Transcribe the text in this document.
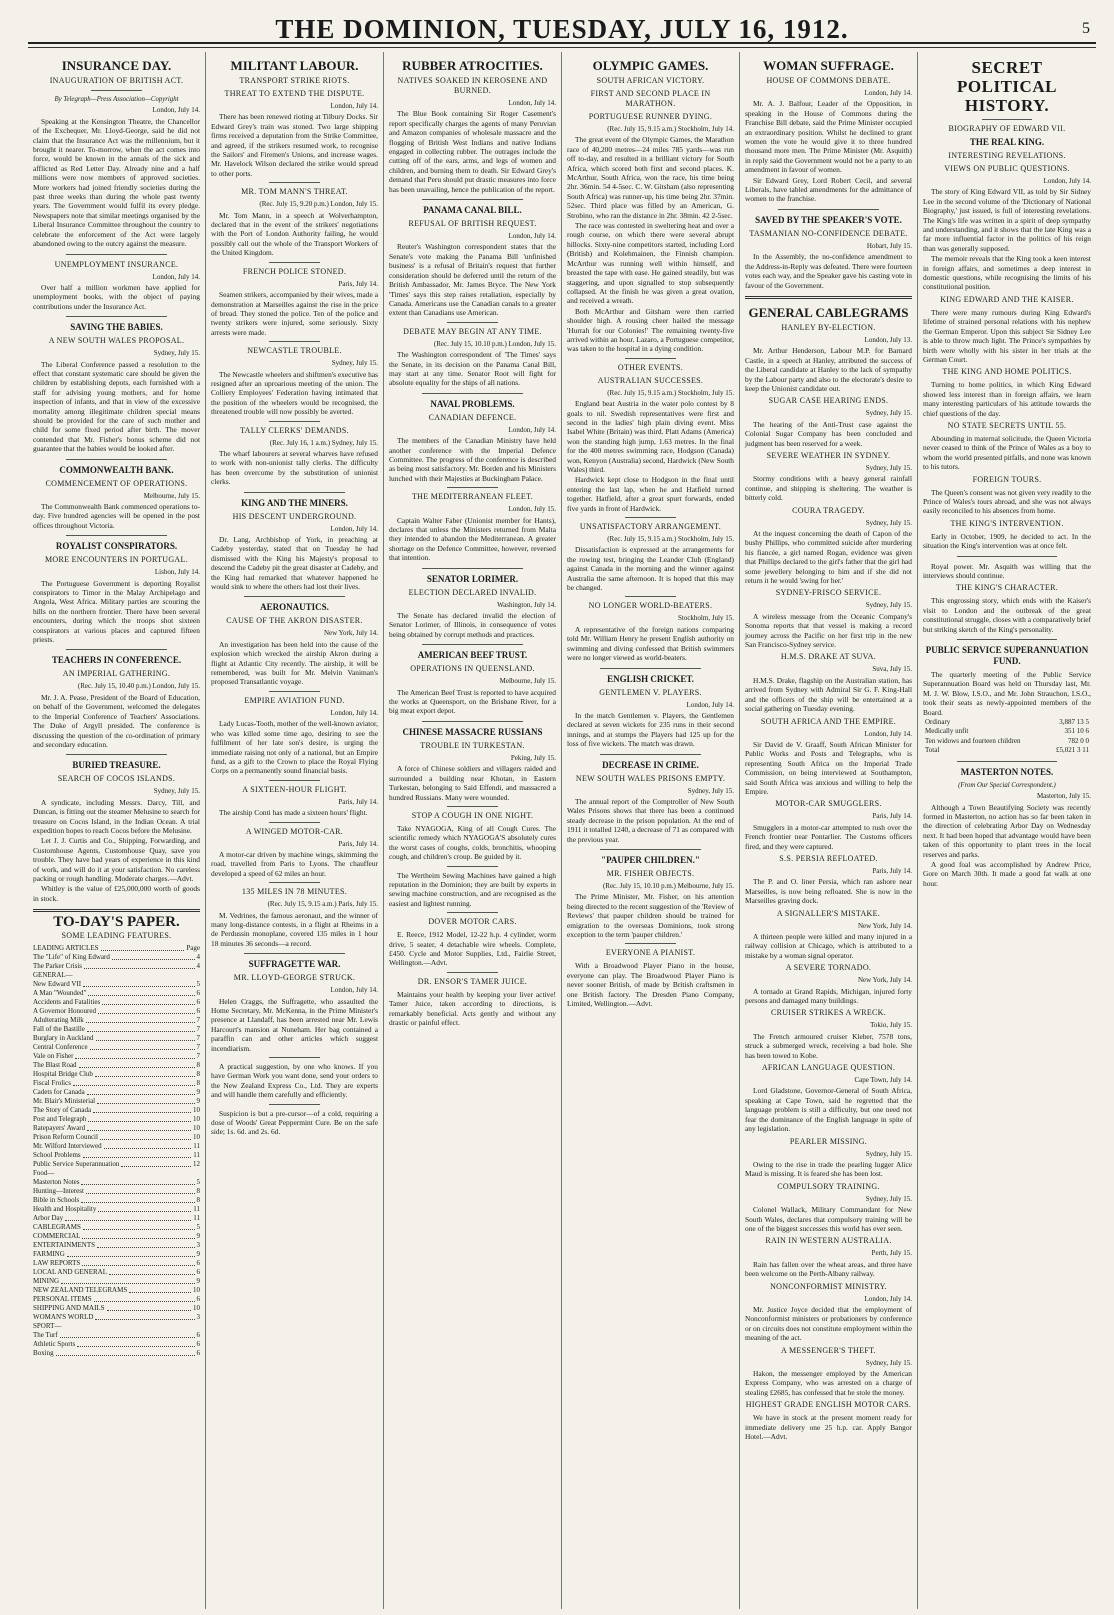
THE DOMINION, TUESDAY, JULY 16, 1912.	5
INSURANCE DAY.
INAUGURATION OF BRITISH ACT.
By Telegraph—Press Association—Copyright
London, July 14.

Speaking at the Kensington Theatre, the Chancellor of the Exchequer, Mr. Lloyd-George, said he did not claim that the Insurance Act was the millennium, but it brought it nearer. To-morrow, when the act comes into force, would be known in the annals of the sick and afflicted as Red Letter Day. Already nine and a half millions were now members of approved societies. More workers had joined friendly societies during the past three weeks than during the whole past twenty years. The Government would fulfil its every pledge. Newspapers note that similar meetings organised by the Liberal Insurance Committee throughout the country to celebrate the enforcement of the Act were largely abandoned owing to the outcry against the measure.

UNEMPLOYMENT INSURANCE.
London, July 14.

Over half a million workmen have applied for unemployment books, with the object of paying contributions under the Insurance Act.

SAVING THE BABIES.
A NEW SOUTH WALES PROPOSAL.
Sydney, July 15.

The Liberal Conference passed a resolution to the effect that constant systematic care should be given the children by establishing depots, each furnished with a staff for advising young mothers, and for home inspection of infants, and that in view of the excessive mortality among illegitimate children special means should be provided for the care of such mother and child for some fixed period after birth. The mover contended that Mr. Fisher's bonus scheme did not guarantee that the babies would be looked after.

COMMONWEALTH BANK.
COMMENCEMENT OF OPERATIONS.
Melbourne, July 15.

The Commonwealth Bank commenced operations to-day. Five hundred agencies will be opened in the post offices throughout Victoria.

ROYALIST CONSPIRATORS.
MORE ENCOUNTERS IN PORTUGAL.
Lisbon, July 14.

The Portuguese Government is deporting Royalist conspirators to Timor in the Malay Archipelago and Angola, West Africa. Military parties are scouring the hills on the northern frontier. There have been several encounters, during which the troops shot sixteen conspirators at various places and captured fifteen priests.

TEACHERS IN CONFERENCE.
AN IMPERIAL GATHERING.
(Rec. July 15, 10.40 p.m.) London, July 15.

Mr. J. A. Pease, President of the Board of Education, on behalf of the Government, welcomed the delegates to the Imperial Conference of Teachers' Associations. The Duke of Argyll presided. The conference is discussing the question of the co-ordination of primary and secondary education.

BURIED TREASURE.
SEARCH OF COCOS ISLANDS.
Sydney, July 15.

A syndicate, including Messrs. Darcy, Till, and Duncan, is fitting out the steamer Melusine to search for treasure on Cocos Island, in the Indian Ocean. A trial expedition hopes to reach Cocos before the Melusine.

Let J. J. Curtis and Co., Shipping, Forwarding, and Customhouse Agents, Customhouse Quay, save you trouble. They have had years of experience in this kind of work, and will do it at your satisfaction. No careless packing or rough handling. Moderate charges.—Advt.

Whitley is the value of £25,000,000 worth of goods in stock.

TO-DAY'S PAPER.
SOME LEADING FEATURES.
LEADING ARTICLES	Page
The "Life" of King Edward	4
The Parker Crisis	4
GENERAL—
New Edward VII	5
A Man "Wounded"	6
Accidents and Fatalities	6
A Governor Honoured	6
Adulterating Milk	7
Fall of the Bastille	7
Burglary in Auckland	7
Central Conference	7
Vale on Fisher	7
The Blast Road	8
Hospital Bridge Club	8
Fiscal Frolics	8
Cadets for Canada	9
Mr. Blair's Ministerial	9
The Story of Canada	10
Post and Telegraph	10
Ratepayers' Award	10
Prison Reform Council	10
Mr. Wilford Interviewed	11
School Problems	11
Public Service Superannuation	12
Food—
Masterton Notes	5
Hunting—Interest	8
Bible in Schools	8
Health and Hospitality	11
Arbor Day	11
CABLEGRAMS	5
COMMERCIAL	9
ENTERTAINMENTS	3
FARMING	9
LAW REPORTS	6
LOCAL AND GENERAL	6
MINING	9
NEW ZEALAND TELEGRAMS	10
PERSONAL ITEMS	6
SHIPPING AND MAILS	10
WOMAN'S WORLD	3
SPORT—
The Turf	6
Athletic Sports	6
Boxing	6
MILITANT LABOUR.
TRANSPORT STRIKE RIOTS.
THREAT TO EXTEND THE DISPUTE.
London, July 14.

There has been renewed rioting at Tilbury Docks. Sir Edward Grey's train was stoned. Two large shipping firms received a deputation from the Strike Committee, and agreed, if the strikers resumed work, to recognise the Sailors' and Firemen's Unions, and increase wages. Mr. Havelock Wilson declared the strike would spread to other ports.

MR. TOM MANN'S THREAT.
(Rec. July 15, 9.20 p.m.) London, July 15.

Mr. Tom Mann, in a speech at Wolverhampton, declared that in the event of the strikers' negotiations with the Port of London Authority failing, he would possibly call out the whole of the Transport Workers of the United Kingdom.

FRENCH POLICE STONED.
Paris, July 14.

Seamen strikers, accompanied by their wives, made a demonstration at Marseilles against the rise in the price of bread. They stoned the police. Ten of the police and twenty strikers were injured, some seriously. Sixty arrests were made.

NEWCASTLE TROUBLE.
Sydney, July 15.

The Newcastle wheelers and shiftmen's executive has resigned after an uproarious meeting of the union. The Colliery Employees' Federation having intimated that the position of the wheelers would be recognised, the threatened trouble will now possibly be averted.

TALLY CLERKS' DEMANDS.
(Rec. July 16, 1 a.m.) Sydney, July 15.

The wharf labourers at several wharves have refused to work with non-unionist tally clerks. The difficulty has been overcome by the substitution of unionist clerks.

KING AND THE MINERS.
HIS DESCENT UNDERGROUND.
London, July 14.

Dr. Lang, Archbishop of York, in preaching at Cadeby yesterday, stated that on Tuesday he had dismissed with the King his Majesty's proposal to descend the Cadeby pit the great disaster at Cadeby, and the King had remarked that whatever happened he would sink to where the others had lost their lives.

AERONAUTICS.
CAUSE OF THE AKRON DISASTER.
New York, July 14.

An investigation has been held into the cause of the explosion which wrecked the airship Akron during a flight at Atlantic City recently. The airship, it will be remembered, was built for Mr. Melvin Vaniman's proposed Transatlantic voyage.

EMPIRE AVIATION FUND.
London, July 14.

Lady Lucas-Tooth, mother of the well-known aviator, who was killed some time ago, desiring to see the fulfilment of her late son's desire, is urging the immediate raising not only of a national, but an Empire fund, as a gift to the Crown to place the Royal Flying Corps on a permanently sound financial basis.

A SIXTEEN-HOUR FLIGHT.
Paris, July 14.

The airship Conti has made a sixteen hours' flight.

A WINGED MOTOR-CAR.
Paris, July 14.

A motor-car driven by machine wings, skimming the road, travelled from Paris to Lyons. The chauffeur developed a speed of 62 miles an hour.

135 MILES IN 78 MINUTES.
(Rec. July 15, 9.15 a.m.) Paris, July 15.

M. Vedrines, the famous aeronaut, and the winner of many long-distance contests, in a flight at Rheims in a de Perdussin monoplane, covered 135 miles in 1 hour 18 minutes 36 seconds—a record.

SUFFRAGETTE WAR.
MR. LLOYD-GEORGE STRUCK.
London, July 14.

Helen Craggs, the Suffragette, who assaulted the Home Secretary, Mr. McKenna, in the Prime Minister's presence at Llandaff, has been arrested near Mr. Lewis Harcourt's mansion at Nuneham. Her bag contained a paraffin can and other articles which suggest incendiarism.

A practical suggestion, by one who knows. If you have German Work you want done, send your orders to the New Zealand Express Co., Ltd. They are experts and will handle them carefully and efficiently.

Suspicion is but a pre-cursor—of a cold, requiring a dose of Woods' Great Peppermint Cure. Be on the safe side; 1s. 6d. and 2s. 6d.

RUBBER ATROCITIES.
NATIVES SOAKED IN KEROSENE AND BURNED.
London, July 14.

The Blue Book containing Sir Roger Casement's report specifically charges the agents of many Peruvian and Amazon companies of wholesale massacre and the flogging of British West Indians and native Indians engaged in collecting rubber. The outrages include the cutting off of the ears, arms, and legs of women and children, and burning them to death. Sir Edward Grey's demand that Peru should put drastic measures into force has been unavailing, hence the publication of the report.

PANAMA CANAL BILL.
REFUSAL OF BRITISH REQUEST.
London, July 14.

Reuter's Washington correspondent states that the Senate's vote making the Panama Bill 'unfinished business' is a refusal of Britain's request that further consideration should be deferred until the return of the British Ambassador, Mr. James Bryce. The New York 'Times' says this step raises retaliation, especially by Canada. Americans use the Canadian canals to a greater extent than Canadians use American.

DEBATE MAY BEGIN AT ANY TIME.
(Rec. July 15, 10.10 p.m.) London, July 15.

The Washington correspondent of 'The Times' says the Senate, in its decision on the Panama Canal Bill, may start at any time. Senator Root will fight for absolute equality for the ships of all nations.

NAVAL PROBLEMS.
CANADIAN DEFENCE.
London, July 14.

The members of the Canadian Ministry have held another conference with the Imperial Defence Committee. The progress of the conference is described as being most satisfactory. Mr. Borden and his Ministers lunched with their Majesties at Buckingham Palace.

THE MEDITERRANEAN FLEET.
London, July 15.

Captain Walter Faber (Unionist member for Hants), declares that unless the Ministers returned from Malta they intended to abandon the Mediterranean. A greater shortage on the Defence Committee, however, reversed that intention.

SENATOR LORIMER.
ELECTION DECLARED INVALID.
Washington, July 14.

The Senate has declared invalid the election of Senator Lorimer, of Illinois, in consequence of votes being obtained by corrupt methods and practices.

AMERICAN BEEF TRUST.
OPERATIONS IN QUEENSLAND.
Melbourne, July 15.

The American Beef Trust is reported to have acquired the works at Queensport, on the Brisbane River, for a big meat export depot.

CHINESE MASSACRE RUSSIANS
TROUBLE IN TURKESTAN.
Peking, July 15.

A force of Chinese soldiers and villagers raided and surrounded a building near Khotan, in Eastern Turkestan, belonging to Said Effendi, and massacred a hundred Russians. Many were wounded.

STOP A COUGH IN ONE NIGHT.

Take NYAGOGA, King of all Cough Cures. The scientific remedy which NYAGOGA'S absolutely cures the worst cases of coughs, colds, bronchitis, whooping cough, and children's croup. Be guided by it.

The Wertheim Sewing Machines have gained a high reputation in the Dominion; they are built by experts in sewing machine construction, and are recognised as the easiest and lightest running.

DOVER MOTOR CARS.

E. Reece, 1912 Model, 12-22 h.p. 4 cylinder, worm drive, 5 seater, 4 detachable wire wheels. Complete, £450. Cycle and Motor Supplies, Ltd., Fairlie Street, Wellington.—Advt.

DR. ENSOR'S TAMER JUICE.

Maintains your health by keeping your liver active! Tamer Juice, taken according to directions, is remarkably beneficial. Acts gently and without any drastic or painful effect.

OLYMPIC GAMES.
SOUTH AFRICAN VICTORY.
FIRST AND SECOND PLACE IN MARATHON.
PORTUGUESE RUNNER DYING.
(Rec. July 15, 9.15 a.m.) Stockholm, July 14.

The great event of the Olympic Games, the Marathon race of 40,200 metres—24 miles 785 yards—was run off to-day, and resulted in a brilliant victory for South Africa, which scored both first and second places. K. McArthur, South Africa, won the race, his time being 2hr. 36min. 54 4-5sec. C. W. Gitsham (also representing South Africa) was runner-up, his time being 2hr. 37min. 52sec. Third place was filled by an American, G. Strobino, who ran the distance in 2hr. 38min. 42 2-5sec.

The race was contested in sweltering heat and over a rough course, on which there were several abrupt hillocks. Sixty-nine competitors started, including Lord (British) and Kolehmainen, the Finnish champion. McArthur was running well within himself, and breasted the tape with ease. He gained steadily, but was staggering, and upon signalled to stop subsequently collapsed. At the finish he was given a great ovation, and received a wreath.

Both McArthur and Gitsham were then carried shoulder high. A rousing cheer hailed the message 'Hurrah for our Colonies!' The remaining twenty-five arrived within an hour. Lazaro, a Portuguese competitor, was taken to the hospital in a dying condition.

OTHER EVENTS.
AUSTRALIAN SUCCESSES.
(Rec. July 15, 9.15 a.m.) Stockholm, July 15.

England beat Austria in the water polo contest by 8 goals to nil. Swedish representatives were first and second in the ladies' high plain diving event. Miss Isabel White (Britain) was third. Platt Adams (America) won the standing high jump, 1.63 metres. In the final for the 400 metres swimming race, Hodgson (Canada) won, Kenyon (Australia) second, Hardwick (New South Wales) third.

Hardwick kept close to Hodgson in the final until entering the last lap, when he and Hatfield turned together. Hatfield, after a great spurt forwards, ended five yards in front of Hardwick.

UNSATISFACTORY ARRANGEMENT.
(Rec. July 15, 9.15 a.m.) Stockholm, July 15.

Dissatisfaction is expressed at the arrangements for the rowing test, bringing the Leander Club (England) against Canada in the morning and the winner against Australia the same afternoon. It is hoped that this may be changed.

NO LONGER WORLD-BEATERS.
Stockholm, July 15.

A representative of the foreign nations comparing told Mr. William Henry he present English authority on swimming and diving confessed that British swimmers were no longer viewed as world-beaters.

ENGLISH CRICKET.
GENTLEMEN V. PLAYERS.
London, July 14.

In the match Gentlemen v. Players, the Gentlemen declared at seven wickets for 235 runs in their second innings, and at stumps the Players had 125 up for the loss of five wickets. The match was drawn.

DECREASE IN CRIME.
NEW SOUTH WALES PRISONS EMPTY.
Sydney, July 15.

The annual report of the Comptroller of New South Wales Prisons shows that there has been a continued steady decrease in the prison population. At the end of 1911 it totalled 1240, a decrease of 71 as compared with the previous year.

"PAUPER CHILDREN."
MR. FISHER OBJECTS.
(Rec. July 15, 10.10 p.m.) Melbourne, July 15.

The Prime Minister, Mr. Fisher, on his attention being directed to the recent suggestion of the 'Review of Reviews' that pauper children should be trained for emigration to the overseas Dominions, took strong exception to the term 'pauper children.'

EVERYONE A PIANIST.

With a Broadwood Player Piano in the house, everyone can play. The Broadwood Player Piano is never sooner British, of made by British craftsmen in one British factory. The Dresden Piano Company, Limited, Wellington.—Advt.

WOMAN SUFFRAGE.
HOUSE OF COMMONS DEBATE.
London, July 14.

Mr. A. J. Balfour, Leader of the Opposition, in speaking in the House of Commons during the Franchise Bill debate, said the Prime Minister occupied an extraordinary position. Whilst he declined to grant women the vote he would give it to three hundred thousand more men. The Prime Minister (Mr. Asquith) in reply said the Government would not be a party to an amendment in favour of women.

Sir Edward Grey, Lord Robert Cecil, and several Liberals, have tabled amendments for the admittance of women to the franchise.

SAVED BY THE SPEAKER'S VOTE.
TASMANIAN NO-CONFIDENCE DEBATE.
Hobart, July 15.

In the Assembly, the no-confidence amendment to the Address-in-Reply was defeated. There were fourteen votes each way, and the Speaker gave his casting vote in favour of the Government.

GENERAL CABLEGRAMS
HANLEY BY-ELECTION.
London, July 13.

Mr. Arthur Henderson, Labour M.P. for Barnard Castle, in a speech at Hanley, attributed the success of the Liberal candidate at Hanley to the lack of sympathy by the Labour party and also to the electorate's desire to keep the Unionist candidate out.

SUGAR CASE HEARING ENDS.
Sydney, July 15.

The hearing of the Anti-Trust case against the Colonial Sugar Company has been concluded and judgment has been reserved for a week.

SEVERE WEATHER IN SYDNEY.
Sydney, July 15.

Stormy conditions with a heavy general rainfall continue, and shipping is sheltering. The weather is bitterly cold.

COURA TRAGEDY.
Sydney, July 15.

At the inquest concerning the death of Capon of the bushy Phillips, who committed suicide after murdering his fiancée, a girl named Rogan, evidence was given that Phillips declared to the girl's father that the girl had some jewellery belonging to him and if she did not return it he would 'swing for her.'

SYDNEY-FRISCO SERVICE.
Sydney, July 15.

A wireless message from the Oceanic Company's Sonoma reports that that vessel is making a record journey across the Pacific on her first trip in the new San Francisco-Sydney service.

H.M.S. DRAKE AT SUVA.
Suva, July 15.

H.M.S. Drake, flagship on the Australian station, has arrived from Sydney with Admiral Sir G. F. King-Hall and the officers of the ship will be entertained at a social gathering on Tuesday evening.

SOUTH AFRICA AND THE EMPIRE.
London, July 14.

Sir David de V. Graaff, South African Minister for Public Works and Posts and Telegraphs, who is representing South Africa on the Imperial Trade Commission, on being interviewed at Southampton, said South Africa was anxious and willing to help the Empire.

MOTOR-CAR SMUGGLERS.
Paris, July 14.

Smugglers in a motor-car attempted to rush over the French frontier near Pontarlier. The Customs officers fired, and they were captured.

S.S. PERSIA REFLOATED.
Paris, July 14.

The P. and O. liner Persia, which ran ashore near Marseilles, is now being refloated. She is now in the Marseilles graving dock.

A SIGNALLER'S MISTAKE.
New York, July 14.

A thirteen people were killed and many injured in a railway collision at Chicago, which is attributed to a mistake by a woman signal operator.

A SEVERE TORNADO.
New York, July 14.

A tornado at Grand Rapids, Michigan, injured forty persons and damaged many buildings.

CRUISER STRIKES A WRECK.
Tokio, July 15.

The French armoured cruiser Kleber, 7578 tons, struck a submerged wreck, receiving a bad hole. She has been towed to Kobe.

AFRICAN LANGUAGE QUESTION.
Cape Town, July 14.

Lord Gladstone, Governor-General of South Africa, speaking at Cape Town, said he regretted that the language problem is still a difficulty, but one need not fear the dominance of the English language in spite of any legislation.

PEARLER MISSING.
Sydney, July 15.

Owing to the rise in trade the pearling lugger Alice Maud is missing. It is feared she has been lost.

COMPULSORY TRAINING.
Sydney, July 15.

Colonel Wallack, Military Commandant for New South Wales, declares that compulsory training will be one of the biggest successes this world has ever seen.

RAIN IN WESTERN AUSTRALIA.
Perth, July 15.

Rain has fallen over the wheat areas, and three have been welcome on the Perth-Albany railway.

NONCONFORMIST MINISTRY.
London, July 14.

Mr. Justice Joyce decided that the employment of Nonconformist ministers or probationers by conference or on circuits does not constitute employment within the meaning of the act.

A MESSENGER'S THEFT.
Sydney, July 15.

Hakon, the messenger employed by the American Express Company, who was arrested on a charge of stealing £2685, has confessed that he stole the money.

HIGHEST GRADE ENGLISH MOTOR CARS.

We have in stock at the present moment ready for immediate delivery one 25 h.p. car. Apply Bangor Hotel.—Advt.

SECRET POLITICAL HISTORY.
BIOGRAPHY OF EDWARD VII.
THE REAL KING.
INTERESTING REVELATIONS.
VIEWS ON PUBLIC QUESTIONS.
London, July 14.

The story of King Edward VII, as told by Sir Sidney Lee in the second volume of the 'Dictionary of National Biography,' just issued, is full of interesting revelations. The King's life was written in a spirit of deep sympathy and understanding, and it shows that the late King was a far more influential factor in the politics of his reign than was generally supposed.

The memoir reveals that the King took a keen interest in foreign affairs, and sometimes a deep interest in domestic questions, while recognising the limits of his constitutional position.

KING EDWARD AND THE KAISER.

There were many rumours during King Edward's lifetime of strained personal relations with his nephew the German Emperor. Upon this subject Sir Sidney Lee is able to throw much light. The Prince's sympathies by birth were wholly with his sister in her trials at the German Court.

THE KING AND HOME POLITICS.

Turning to home politics, in which King Edward showed less interest than in foreign affairs, we learn many interesting particulars of his attitude towards the chief questions of the day.

NO STATE SECRETS UNTIL 55.

Abounding in maternal solicitude, the Queen Victoria never ceased to think of the Prince of Wales as a boy to whom the world presented pitfalls, and none was known to his tutors.

FOREIGN TOURS.

The Queen's consent was not given very readily to the Prince of Wales's tours abroad, and she was not always easily reconciled to his absences from home.

THE KING'S INTERVENTION.

Early in October, 1909, he decided to act. In the situation the King's intervention was at once felt.

Royal power. Mr. Asquith was willing that the interviews should continue.

THE KING'S CHARACTER.

This engrossing story, which ends with the Kaiser's visit to London and the outbreak of the great constitutional struggle, closes with a comparatively brief but striking sketch of the King's personality.

PUBLIC SERVICE SUPERANNUATION FUND.

The quarterly meeting of the Public Service Superannuation Board was held on Thursday last, Mr. M. J. W. Blow, I.S.O., and Mr. John Strauchon, I.S.O., took their seats as newly-appointed members of the Board.

Ordinary	3,887 13 5
Medically unfit	351 10 6
Ten widows and fourteen children	782 0 0
Total	£5,021 3 11
MASTERTON NOTES.
(From Our Special Correspondent.)
Masterton, July 15.

Although a Town Beautifying Society was recently formed in Masterton, no action has so far been taken in the direction of celebrating Arbor Day on Wednesday next. It had been hoped that advantage would have been taken of this opportunity to plant trees in the local reserves and parks.

A good foal was accomplished by Andrew Price, Gore on March 30th. It made a good fat walk at one hour.
